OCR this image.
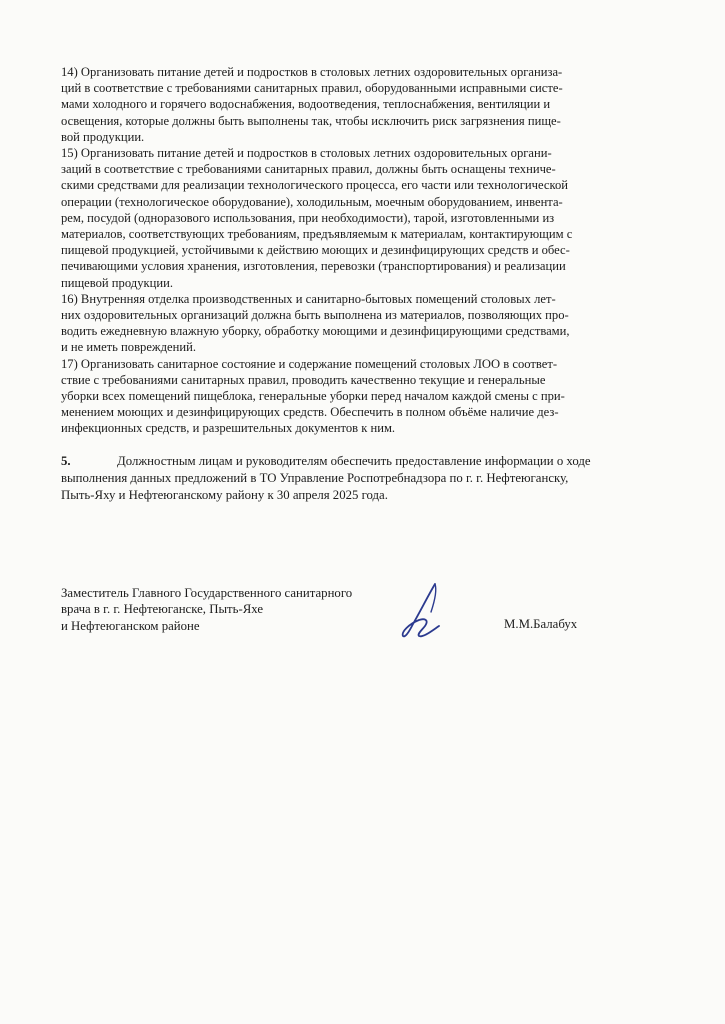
14) Организовать питание детей и подростков в столовых летних оздоровительных организа-
ций в соответствие с требованиями санитарных правил, оборудованными исправными систе-
мами холодного и горячего водоснабжения, водоотведения, теплоснабжения, вентиляции и
освещения, которые должны быть выполнены так, чтобы исключить риск загрязнения пище-
вой продукции.
15) Организовать питание детей и подростков в столовых летних оздоровительных органи-
заций в соответствие с требованиями санитарных правил, должны быть оснащены техниче-
скими средствами для реализации технологического процесса, его части или технологической
операции (технологическое оборудование), холодильным, моечным оборудованием, инвента-
рем, посудой (одноразового использования, при необходимости), тарой, изготовленными из
материалов, соответствующих требованиям, предъявляемым к материалам, контактирующим с
пищевой продукцией, устойчивыми к действию моющих и дезинфицирующих средств и обес-
печивающими условия хранения, изготовления, перевозки (транспортирования) и реализации
пищевой продукции.
16) Внутренняя отделка производственных и санитарно-бытовых помещений столовых лет-
них оздоровительных организаций должна быть выполнена из материалов, позволяющих про-
водить ежедневную влажную уборку, обработку моющими и дезинфицирующими средствами,
и не иметь повреждений.
17) Организовать санитарное состояние и содержание помещений столовых ЛОО в соответ-
ствие с требованиями санитарных правил, проводить качественно текущие и генеральные
уборки всех помещений пищеблока, генеральные уборки перед началом каждой смены с при-
менением моющих и дезинфицирующих средств. Обеспечить в полном объёме наличие дез-
инфекционных средств, и разрешительных документов к ним.
5.	Должностным лицам и руководителям обеспечить предоставление информации о ходе
выполнения данных предложений в ТО Управление Роспотребнадзора по г. г. Нефтеюганску,
Пыть-Яху и Нефтеюганскому району к 30 апреля 2025 года.
Заместитель Главного Государственного санитарного
врача в г. г. Нефтеюганске, Пыть-Яхе
и Нефтеюганском районе	М.М.Балабух
